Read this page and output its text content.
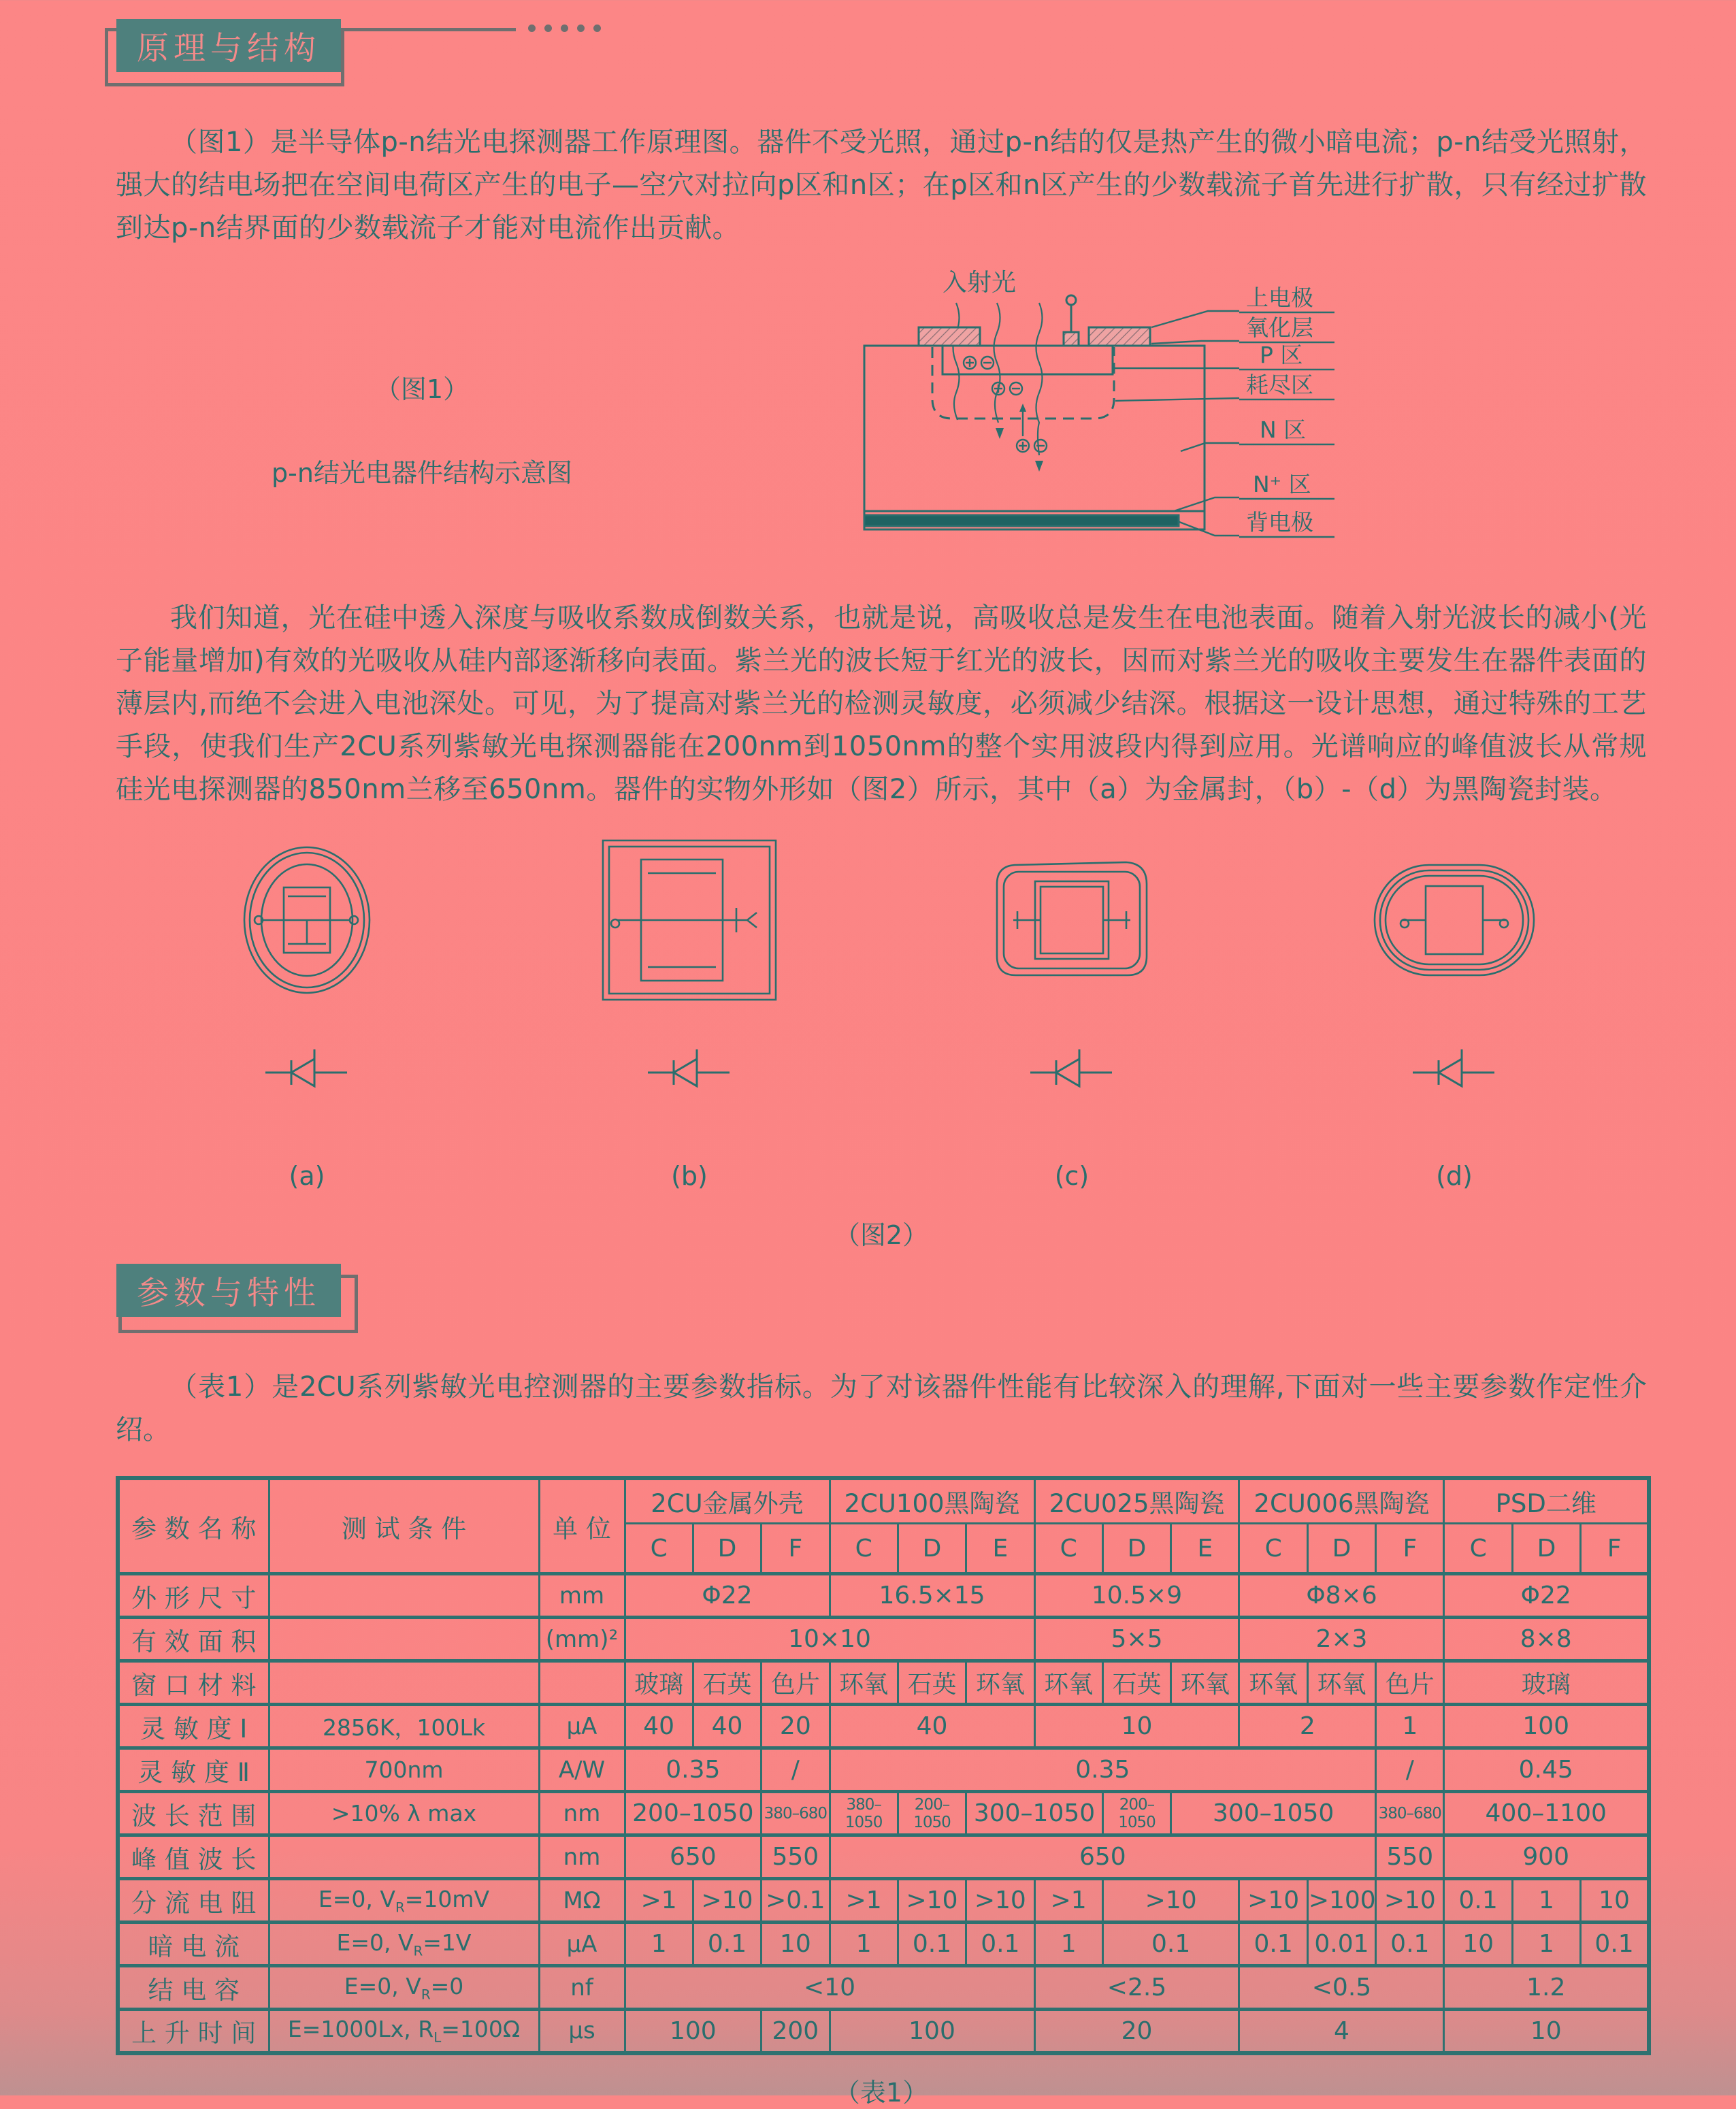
原理与结构

（图1）是半导体p-n结光电探测器工作原理图。器件不受光照，通过p-n结的仅是热产生的微小暗电流；p-n结受光照射，强大的结电场把在空间电荷区产生的电子—空穴对拉向p区和n区；在p区和n区产生的少数载流子首先进行扩散，只有经过扩散到达p-n结界面的少数载流子才能对电流作出贡献。

（图1）
p-n结光电器件结构示意图
入射光
上电极
氧化层
P 区
耗尽区
N 区
N⁺ 区
背电极

我们知道，光在硅中透入深度与吸收系数成倒数关系，也就是说，高吸收总是发生在电池表面。随着入射光波长的减小(光子能量增加)有效的光吸收从硅内部逐渐移向表面。紫兰光的波长短于红光的波长，因而对紫兰光的吸收主要发生在器件表面的薄层内,而绝不会进入电池深处。可见，为了提高对紫兰光的检测灵敏度，必须减少结深。根据这一设计思想，通过特殊的工艺手段，使我们生产2CU系列紫敏光电探测器能在200nm到1050nm的整个实用波段内得到应用。光谱响应的峰值波长从常规硅光电探测器的850nm兰移至650nm。器件的实物外形如（图2）所示，其中（a）为金属封，（b）-（d）为黑陶瓷封装。

(a)	(b)	(c)	(d)
（图2）
参数与特性

（表1）是2CU系列紫敏光电控测器的主要参数指标。为了对该器件性能有比较深入的理解,下面对一些主要参数作定性介绍。

参 数 名 称	测 试 条 件	单 位	2CU金属外壳			2CU100黑陶瓷			2CU025黑陶瓷			2CU006黑陶瓷			PSD二维		
			C	D	F	C	D	E	C	D	E	C	D	F	C	D	F
外 形 尺 寸		mm	Φ22			16.5×15			10.5×9			Φ8×6			Φ22		
有 效 面 积		(mm)²	10×10						5×5			2×3			8×8		
窗 口 材 料			玻璃	石英	色片	环氧	石英	环氧	环氧	石英	环氧	环氧	环氧	色片	玻璃		
灵 敏 度 Ⅰ	2856K，100Lk	μA	40	40	20	40			10			2		1	100		
灵 敏 度 Ⅱ	700nm	A/W	0.35		/	0.35								/	0.45		
波 长 范 围	>10% λ max	nm	200–1050		380–680	380–1050	200–1050	300–1050		200–1050	300–1050			380–680	400–1100		
峰 值 波 长		nm	650		550	650								550	900		
分 流 电 阻	E=0, $V_R=10mV$	MΩ	>1	>10	>0.1	>1	>10	>10	>1	>10		>10	>100	>10	0.1	1	10
暗 电 流	E=0, $V_R=1V$	μA	1	0.1	10	1	0.1	0.1	1	0.1		0.1	0.01	0.1	10	1	0.1
结 电 容	E=0, $V_R=0$	nf	<10						<2.5			<0.5			1.2		
上 升 时 间	E=1000Lx, $R_L=100\Omega$	μs	100		200	100			20			4			10		
（表1）
